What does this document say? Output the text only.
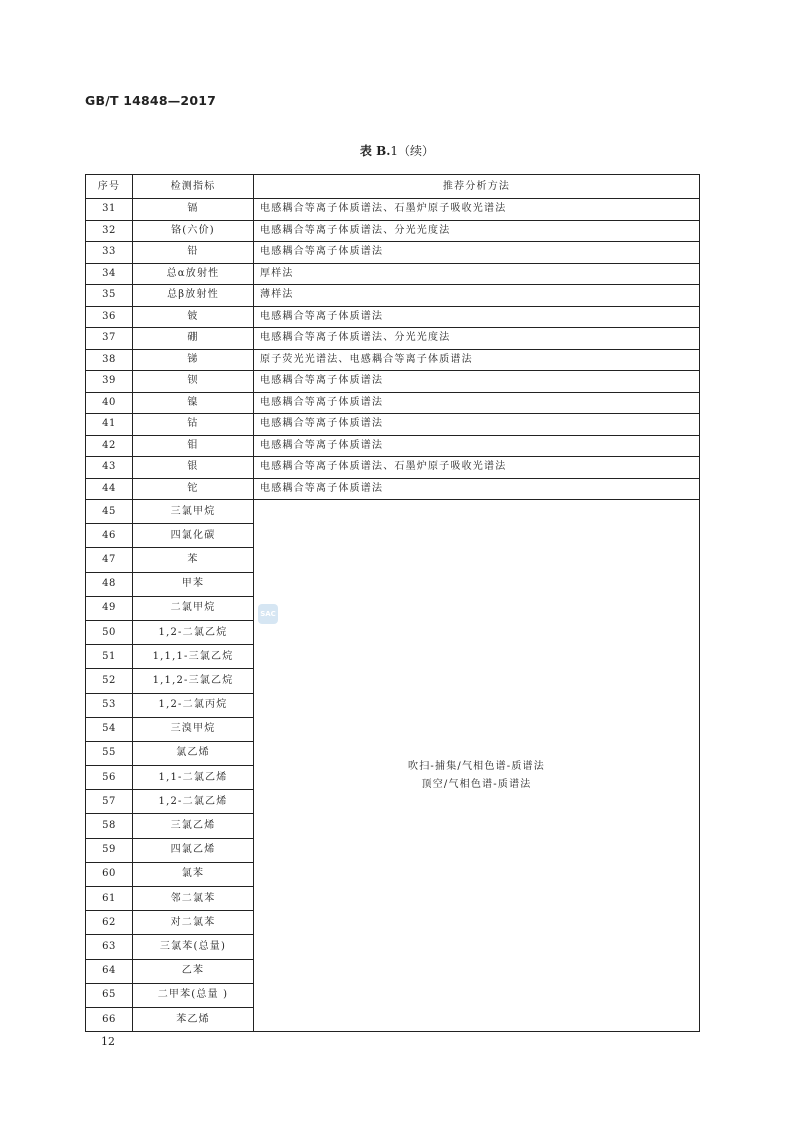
GB/T 14848—2017
表 B.1（续）
序号	检测指标	推荐分析方法
31	镉	电感耦合等离子体质谱法、石墨炉原子吸收光谱法
32	铬(六价)	电感耦合等离子体质谱法、分光光度法
33	铅	电感耦合等离子体质谱法
34	总α放射性	厚样法
35	总β放射性	薄样法
36	铍	电感耦合等离子体质谱法
37	硼	电感耦合等离子体质谱法、分光光度法
38	锑	原子荧光光谱法、电感耦合等离子体质谱法
39	钡	电感耦合等离子体质谱法
40	镍	电感耦合等离子体质谱法
41	钴	电感耦合等离子体质谱法
42	钼	电感耦合等离子体质谱法
43	银	电感耦合等离子体质谱法、石墨炉原子吸收光谱法
44	铊	电感耦合等离子体质谱法
45	三氯甲烷	吹扫-捕集/气相色谱-质谱法
顶空/气相色谱-质谱法

46	四氯化碳	
47	苯	
48	甲苯	
49	二氯甲烷	
50	1,2-二氯乙烷	
51	1,1,1-三氯乙烷	
52	1,1,2-三氯乙烷	
53	1,2-二氯丙烷	
54	三溴甲烷	
55	氯乙烯	
56	1,1-二氯乙烯	
57	1,2-二氯乙烯	
58	三氯乙烯	
59	四氯乙烯	
60	氯苯	
61	邻二氯苯	
62	对二氯苯	
63	三氯苯(总量)	
64	乙苯	
65	二甲苯(总量 )	
66	苯乙烯	
SAC
12
